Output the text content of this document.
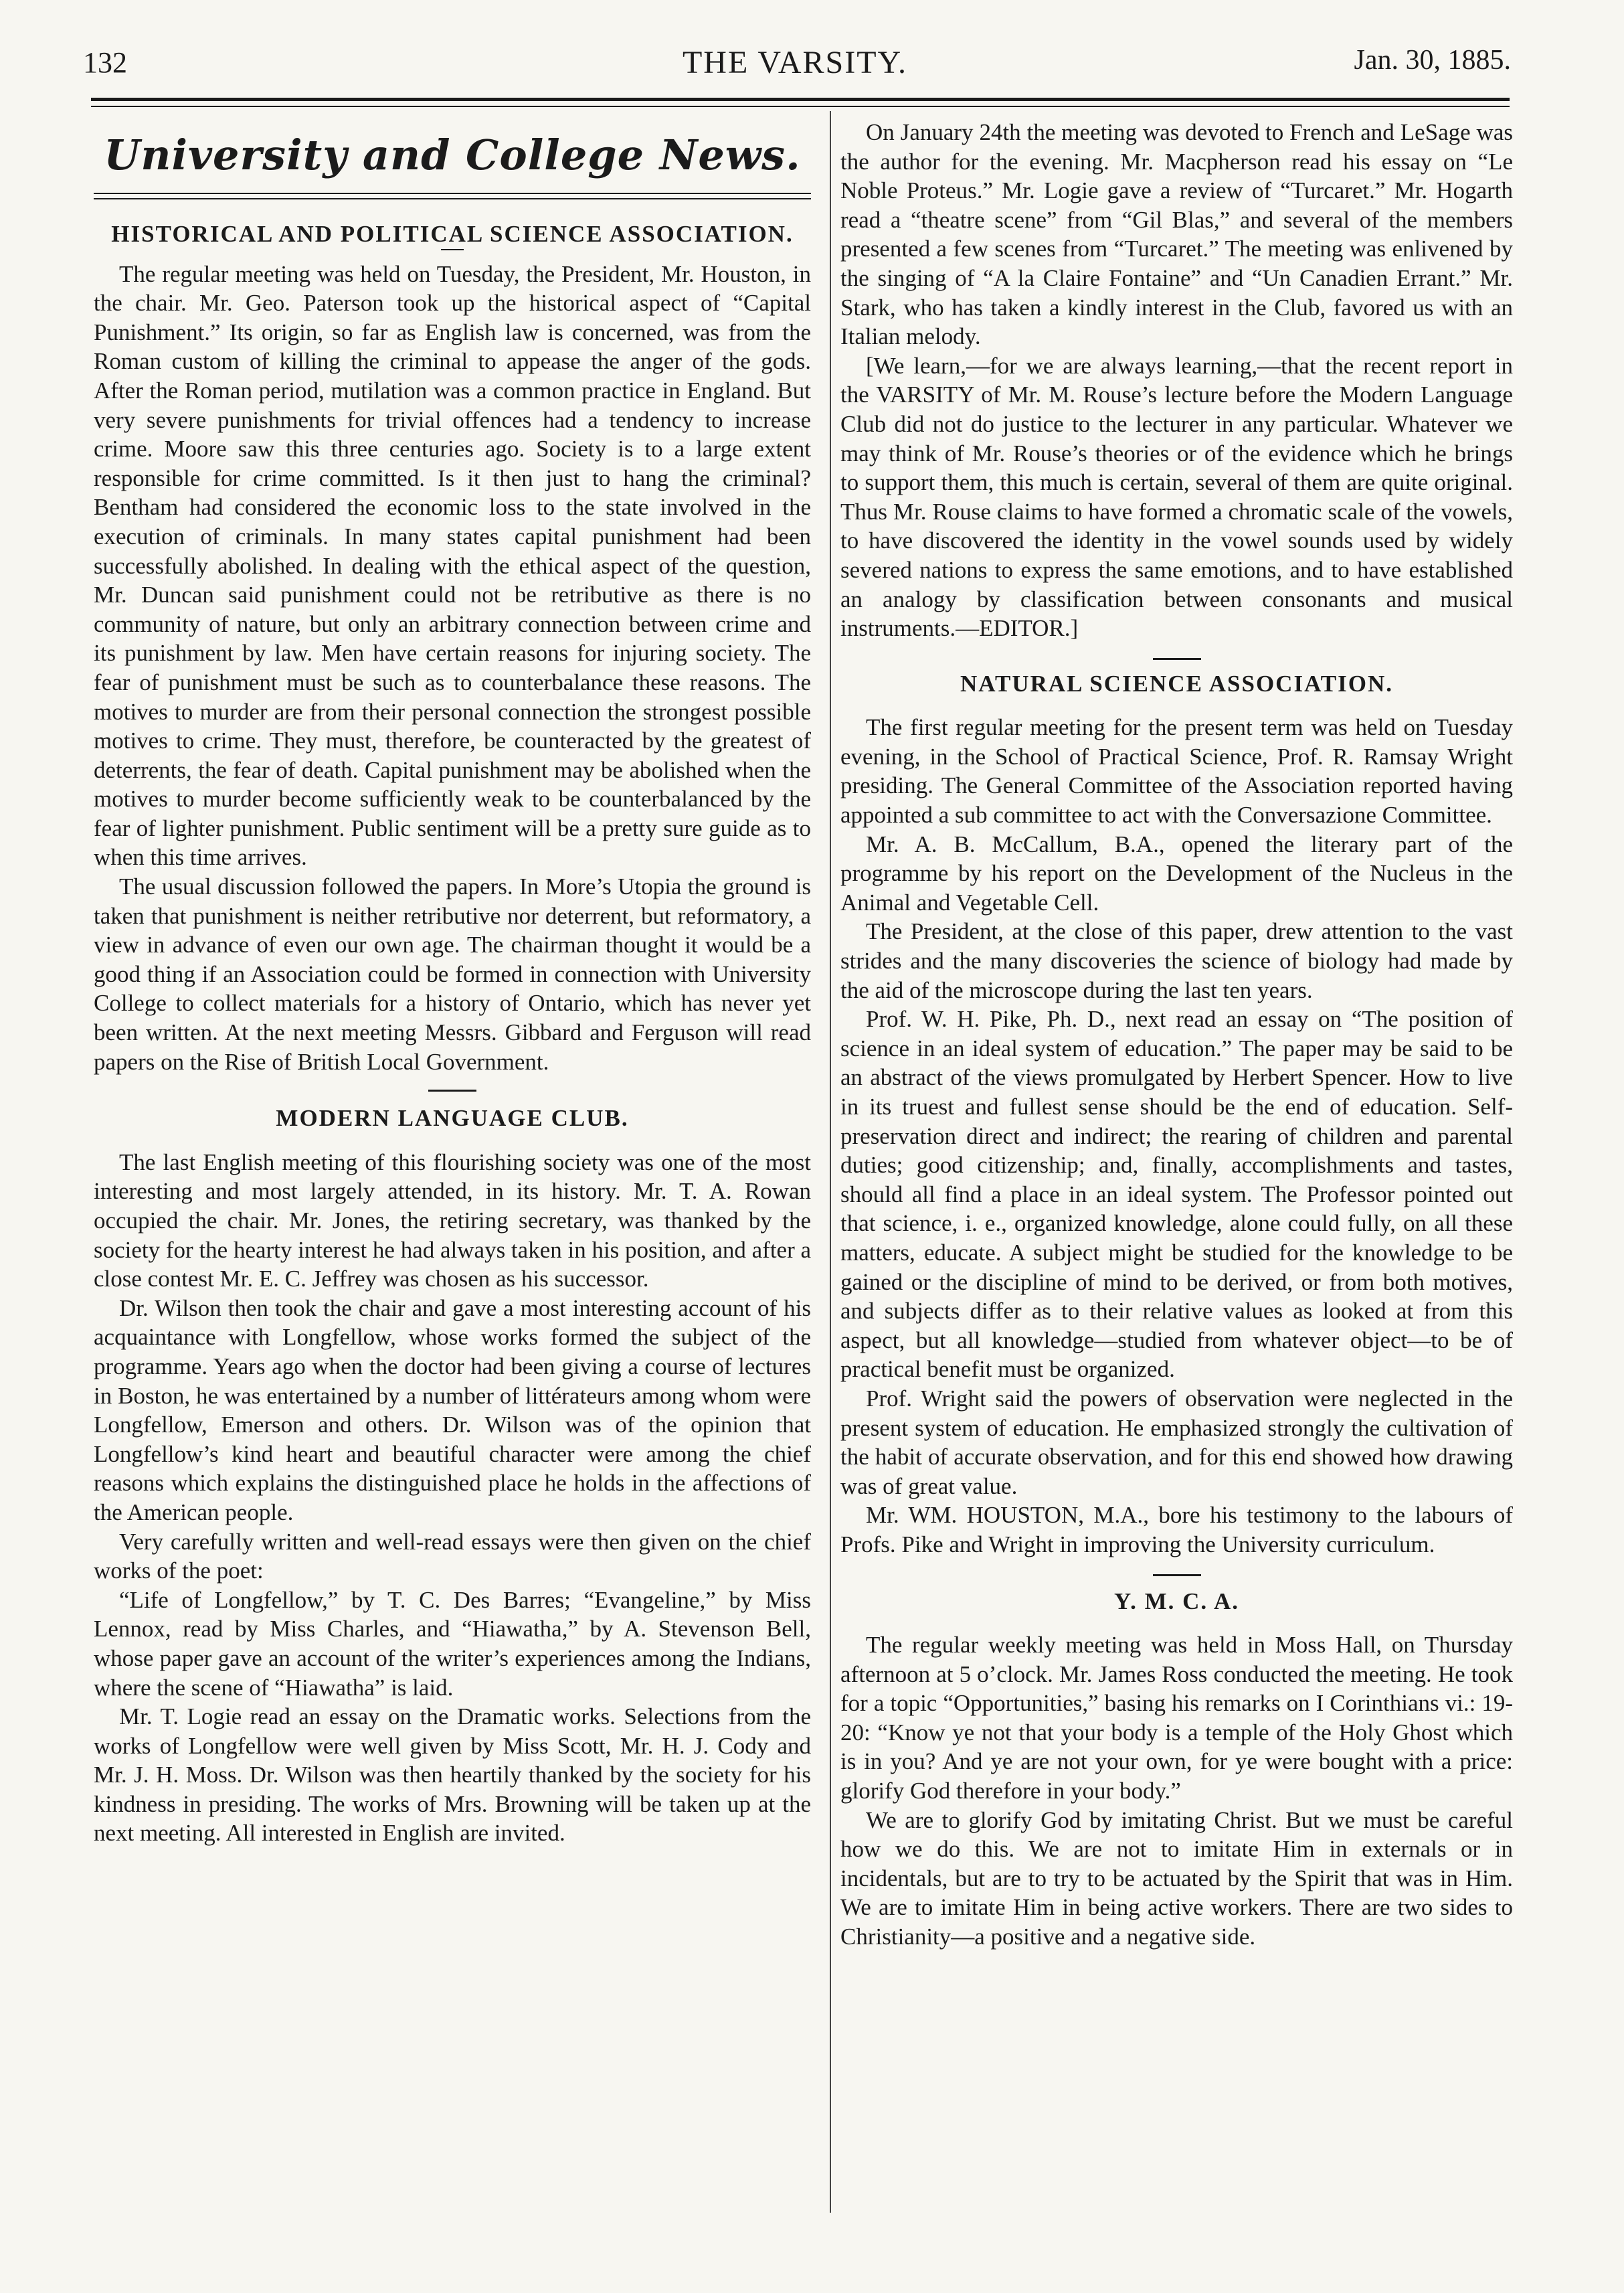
132	THE VARSITY.	Jan. 30, 1885.
University and College News.
HISTORICAL AND POLITICAL SCIENCE ASSOCIATION.

The regular meeting was held on Tuesday, the President, Mr. Houston, in the chair. Mr. Geo. Paterson took up the historical aspect of “Capital Punishment.” Its origin, so far as English law is concerned, was from the Roman custom of killing the criminal to appease the anger of the gods. After the Roman period, mutilation was a common practice in England. But very severe punishments for trivial offences had a tendency to increase crime. Moore saw this three centuries ago. Society is to a large extent responsible for crime committed. Is it then just to hang the criminal? Bentham had considered the economic loss to the state involved in the execution of criminals. In many states capital punishment had been successfully abolished. In dealing with the ethical aspect of the question, Mr. Duncan said punishment could not be retributive as there is no community of nature, but only an arbitrary connection between crime and its punishment by law. Men have certain reasons for injuring society. The fear of punishment must be such as to counterbalance these reasons. The motives to murder are from their personal connection the strongest possible motives to crime. They must, therefore, be counteracted by the greatest of deterrents, the fear of death. Capital punishment may be abolished when the motives to murder become sufficiently weak to be counterbalanced by the fear of lighter punishment. Public sentiment will be a pretty sure guide as to when this time arrives.

The usual discussion followed the papers. In More’s Utopia the ground is taken that punishment is neither retributive nor deterrent, but reformatory, a view in advance of even our own age. The chairman thought it would be a good thing if an Association could be formed in connection with University College to collect materials for a history of Ontario, which has never yet been written. At the next meeting Messrs. Gibbard and Ferguson will read papers on the Rise of British Local Government.

MODERN LANGUAGE CLUB.

The last English meeting of this flourishing society was one of the most interesting and most largely attended, in its history. Mr. T. A. Rowan occupied the chair. Mr. Jones, the retiring secretary, was thanked by the society for the hearty interest he had always taken in his position, and after a close contest Mr. E. C. Jeffrey was chosen as his successor.

Dr. Wilson then took the chair and gave a most interesting account of his acquaintance with Longfellow, whose works formed the subject of the programme. Years ago when the doctor had been giving a course of lectures in Boston, he was entertained by a number of littérateurs among whom were Longfellow, Emerson and others. Dr. Wilson was of the opinion that Longfellow’s kind heart and beautiful character were among the chief reasons which explains the distinguished place he holds in the affections of the American people.

Very carefully written and well-read essays were then given on the chief works of the poet:

“Life of Longfellow,” by T. C. Des Barres; “Evangeline,” by Miss Lennox, read by Miss Charles, and “Hiawatha,” by A. Stevenson Bell, whose paper gave an account of the writer’s experiences among the Indians, where the scene of “Hiawatha” is laid.

Mr. T. Logie read an essay on the Dramatic works. Selections from the works of Longfellow were well given by Miss Scott, Mr. H. J. Cody and Mr. J. H. Moss. Dr. Wilson was then heartily thanked by the society for his kindness in presiding. The works of Mrs. Browning will be taken up at the next meeting. All interested in English are invited.

On January 24th the meeting was devoted to French and LeSage was the author for the evening. Mr. Macpherson read his essay on “Le Noble Proteus.” Mr. Logie gave a review of “Turcaret.” Mr. Hogarth read a “theatre scene” from “Gil Blas,” and several of the members presented a few scenes from “Turcaret.” The meeting was enlivened by the singing of “A la Claire Fontaine” and “Un Canadien Errant.” Mr. Stark, who has taken a kindly interest in the Club, favored us with an Italian melody.

[We learn,—for we are always learning,—that the recent report in the VARSITY of Mr. M. Rouse’s lecture before the Modern Language Club did not do justice to the lecturer in any particular. Whatever we may think of Mr. Rouse’s theories or of the evidence which he brings to support them, this much is certain, several of them are quite original. Thus Mr. Rouse claims to have formed a chromatic scale of the vowels, to have discovered the identity in the vowel sounds used by widely severed nations to express the same emotions, and to have established an analogy by classification between consonants and musical instruments.—EDITOR.]

NATURAL SCIENCE ASSOCIATION.

The first regular meeting for the present term was held on Tuesday evening, in the School of Practical Science, Prof. R. Ramsay Wright presiding. The General Committee of the Association reported having appointed a sub committee to act with the Conversazione Committee.

Mr. A. B. McCallum, B.A., opened the literary part of the programme by his report on the Development of the Nucleus in the Animal and Vegetable Cell.

The President, at the close of this paper, drew attention to the vast strides and the many discoveries the science of biology had made by the aid of the microscope during the last ten years.

Prof. W. H. Pike, Ph. D., next read an essay on “The position of science in an ideal system of education.” The paper may be said to be an abstract of the views promulgated by Herbert Spencer. How to live in its truest and fullest sense should be the end of education. Self-preservation direct and indirect; the rearing of children and parental duties; good citizenship; and, finally, accomplishments and tastes, should all find a place in an ideal system. The Professor pointed out that science, i. e., organized knowledge, alone could fully, on all these matters, educate. A subject might be studied for the knowledge to be gained or the discipline of mind to be derived, or from both motives, and subjects differ as to their relative values as looked at from this aspect, but all knowledge—studied from whatever object—to be of practical benefit must be organized.

Prof. Wright said the powers of observation were neglected in the present system of education. He emphasized strongly the cultivation of the habit of accurate observation, and for this end showed how drawing was of great value.

Mr. WM. HOUSTON, M.A., bore his testimony to the labours of Profs. Pike and Wright in improving the University curriculum.

Y. M. C. A.

The regular weekly meeting was held in Moss Hall, on Thursday afternoon at 5 o’clock. Mr. James Ross conducted the meeting. He took for a topic “Opportunities,” basing his remarks on I Corinthians vi.: 19-20: “Know ye not that your body is a temple of the Holy Ghost which is in you? And ye are not your own, for ye were bought with a price: glorify God therefore in your body.”

We are to glorify God by imitating Christ. But we must be careful how we do this. We are not to imitate Him in externals or in incidentals, but are to try to be actuated by the Spirit that was in Him. We are to imitate Him in being active workers. There are two sides to Christianity—a positive and a negative side.
